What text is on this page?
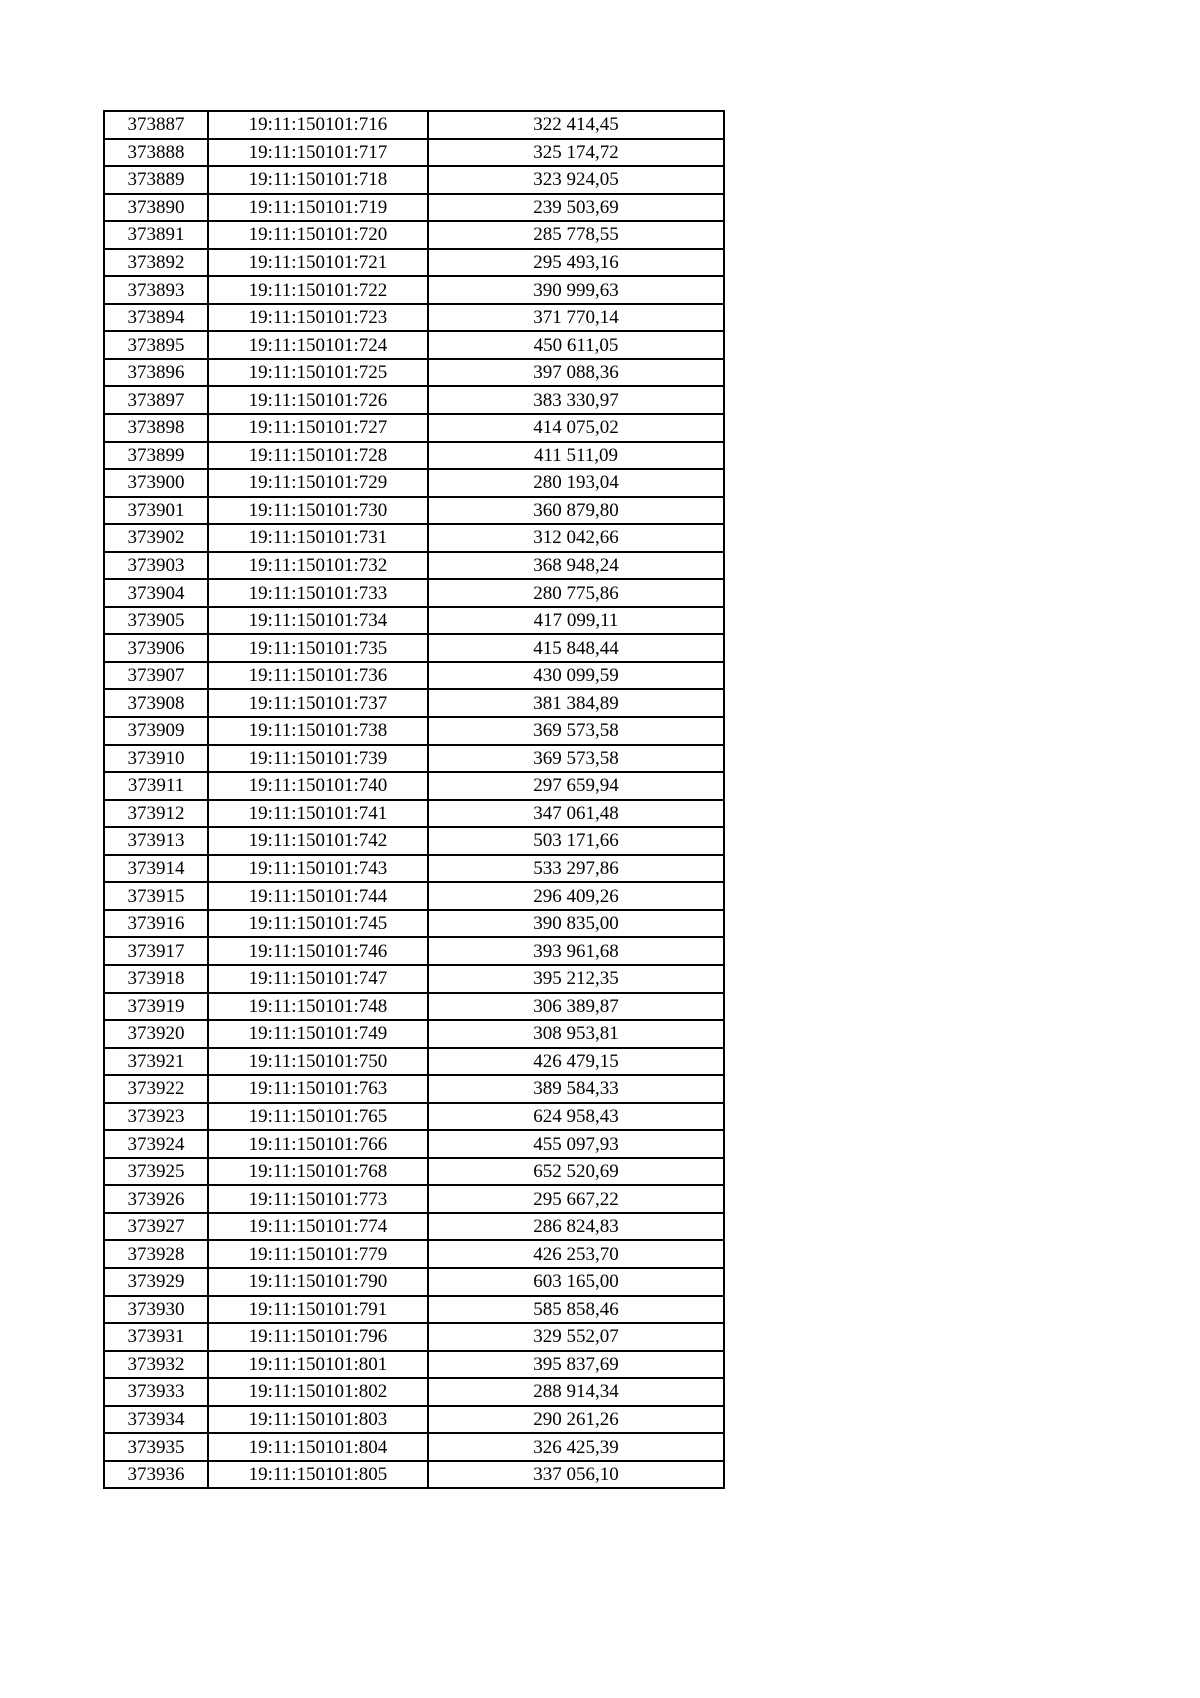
373887	19:11:150101:716	322 414,45
373888	19:11:150101:717	325 174,72
373889	19:11:150101:718	323 924,05
373890	19:11:150101:719	239 503,69
373891	19:11:150101:720	285 778,55
373892	19:11:150101:721	295 493,16
373893	19:11:150101:722	390 999,63
373894	19:11:150101:723	371 770,14
373895	19:11:150101:724	450 611,05
373896	19:11:150101:725	397 088,36
373897	19:11:150101:726	383 330,97
373898	19:11:150101:727	414 075,02
373899	19:11:150101:728	411 511,09
373900	19:11:150101:729	280 193,04
373901	19:11:150101:730	360 879,80
373902	19:11:150101:731	312 042,66
373903	19:11:150101:732	368 948,24
373904	19:11:150101:733	280 775,86
373905	19:11:150101:734	417 099,11
373906	19:11:150101:735	415 848,44
373907	19:11:150101:736	430 099,59
373908	19:11:150101:737	381 384,89
373909	19:11:150101:738	369 573,58
373910	19:11:150101:739	369 573,58
373911	19:11:150101:740	297 659,94
373912	19:11:150101:741	347 061,48
373913	19:11:150101:742	503 171,66
373914	19:11:150101:743	533 297,86
373915	19:11:150101:744	296 409,26
373916	19:11:150101:745	390 835,00
373917	19:11:150101:746	393 961,68
373918	19:11:150101:747	395 212,35
373919	19:11:150101:748	306 389,87
373920	19:11:150101:749	308 953,81
373921	19:11:150101:750	426 479,15
373922	19:11:150101:763	389 584,33
373923	19:11:150101:765	624 958,43
373924	19:11:150101:766	455 097,93
373925	19:11:150101:768	652 520,69
373926	19:11:150101:773	295 667,22
373927	19:11:150101:774	286 824,83
373928	19:11:150101:779	426 253,70
373929	19:11:150101:790	603 165,00
373930	19:11:150101:791	585 858,46
373931	19:11:150101:796	329 552,07
373932	19:11:150101:801	395 837,69
373933	19:11:150101:802	288 914,34
373934	19:11:150101:803	290 261,26
373935	19:11:150101:804	326 425,39
373936	19:11:150101:805	337 056,10
